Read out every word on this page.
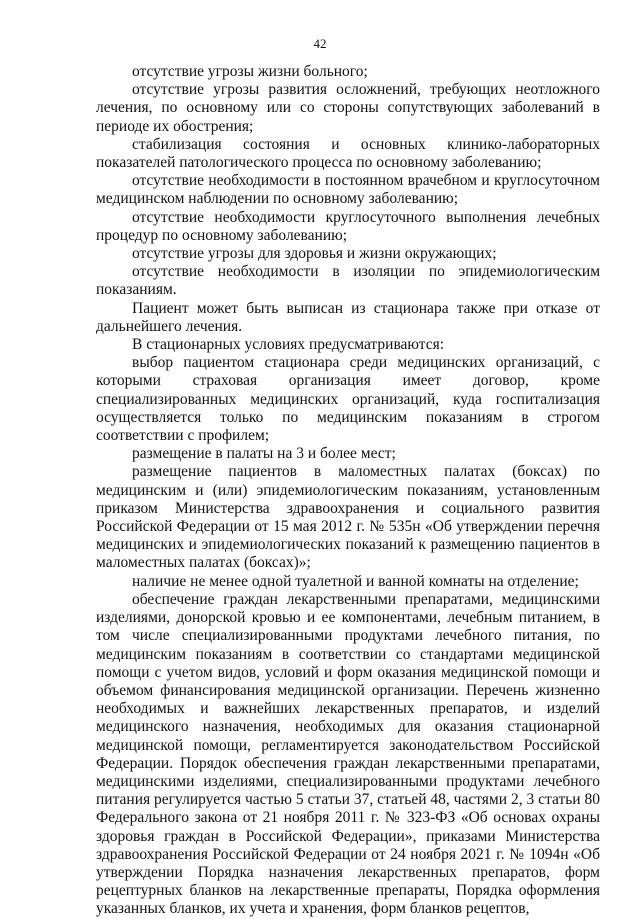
42

отсутствие угрозы жизни больного;

отсутствие угрозы развития осложнений, требующих неотложного лечения, по основному или со стороны сопутствующих заболеваний в периоде их обострения;

стабилизация состояния и основных клинико-лабораторных показателей патологического процесса по основному заболеванию;

отсутствие необходимости в постоянном врачебном и круглосуточном медицинском наблюдении по основному заболеванию;

отсутствие необходимости круглосуточного выполнения лечебных процедур по основному заболеванию;

отсутствие угрозы для здоровья и жизни окружающих;

отсутствие необходимости в изоляции по эпидемиологическим показаниям.

Пациент может быть выписан из стационара также при отказе от дальнейшего лечения.

В стационарных условиях предусматриваются:

выбор пациентом стационара среди медицинских организаций, с которыми страховая организация имеет договор, кроме специализированных медицинских организаций, куда госпитализация осуществляется только по медицинским показаниям в строгом соответствии с профилем;

размещение в палаты на 3 и более мест;

размещение пациентов в маломестных палатах (боксах) по медицинским и (или) эпидемиологическим показаниям, установленным приказом Министерства здравоохранения и социального развития Российской Федерации от 15 мая 2012 г. № 535н «Об утверждении перечня медицинских и эпидемиологических показаний к размещению пациентов в маломестных палатах (боксах)»;

наличие не менее одной туалетной и ванной комнаты на отделение;

обеспечение граждан лекарственными препаратами, медицинскими изделиями, донорской кровью и ее компонентами, лечебным питанием, в том числе специализированными продуктами лечебного питания, по медицинским показаниям в соответствии со стандартами медицинской помощи с учетом видов, условий и форм оказания медицинской помощи и объемом финансирования медицинской организации. Перечень жизненно необходимых и важнейших лекарственных препаратов, и изделий медицинского назначения, необходимых для оказания стационарной медицинской помощи, регламентируется законодательством Российской Федерации. Порядок обеспечения граждан лекарственными препаратами, медицинскими изделиями, специализированными продуктами лечебного питания регулируется частью 5 статьи 37, статьей 48, частями 2, 3 статьи 80 Федерального закона от 21 ноября 2011 г. № 323-ФЗ «Об основах охраны здоровья граждан в Российской Федерации», приказами Министерства здравоохранения Российской Федерации от 24 ноября 2021 г. № 1094н «Об утверждении Порядка назначения лекарственных препаратов, форм рецептурных бланков на лекарственные препараты, Порядка оформления указанных бланков, их учета и хранения, форм бланков рецептов,
